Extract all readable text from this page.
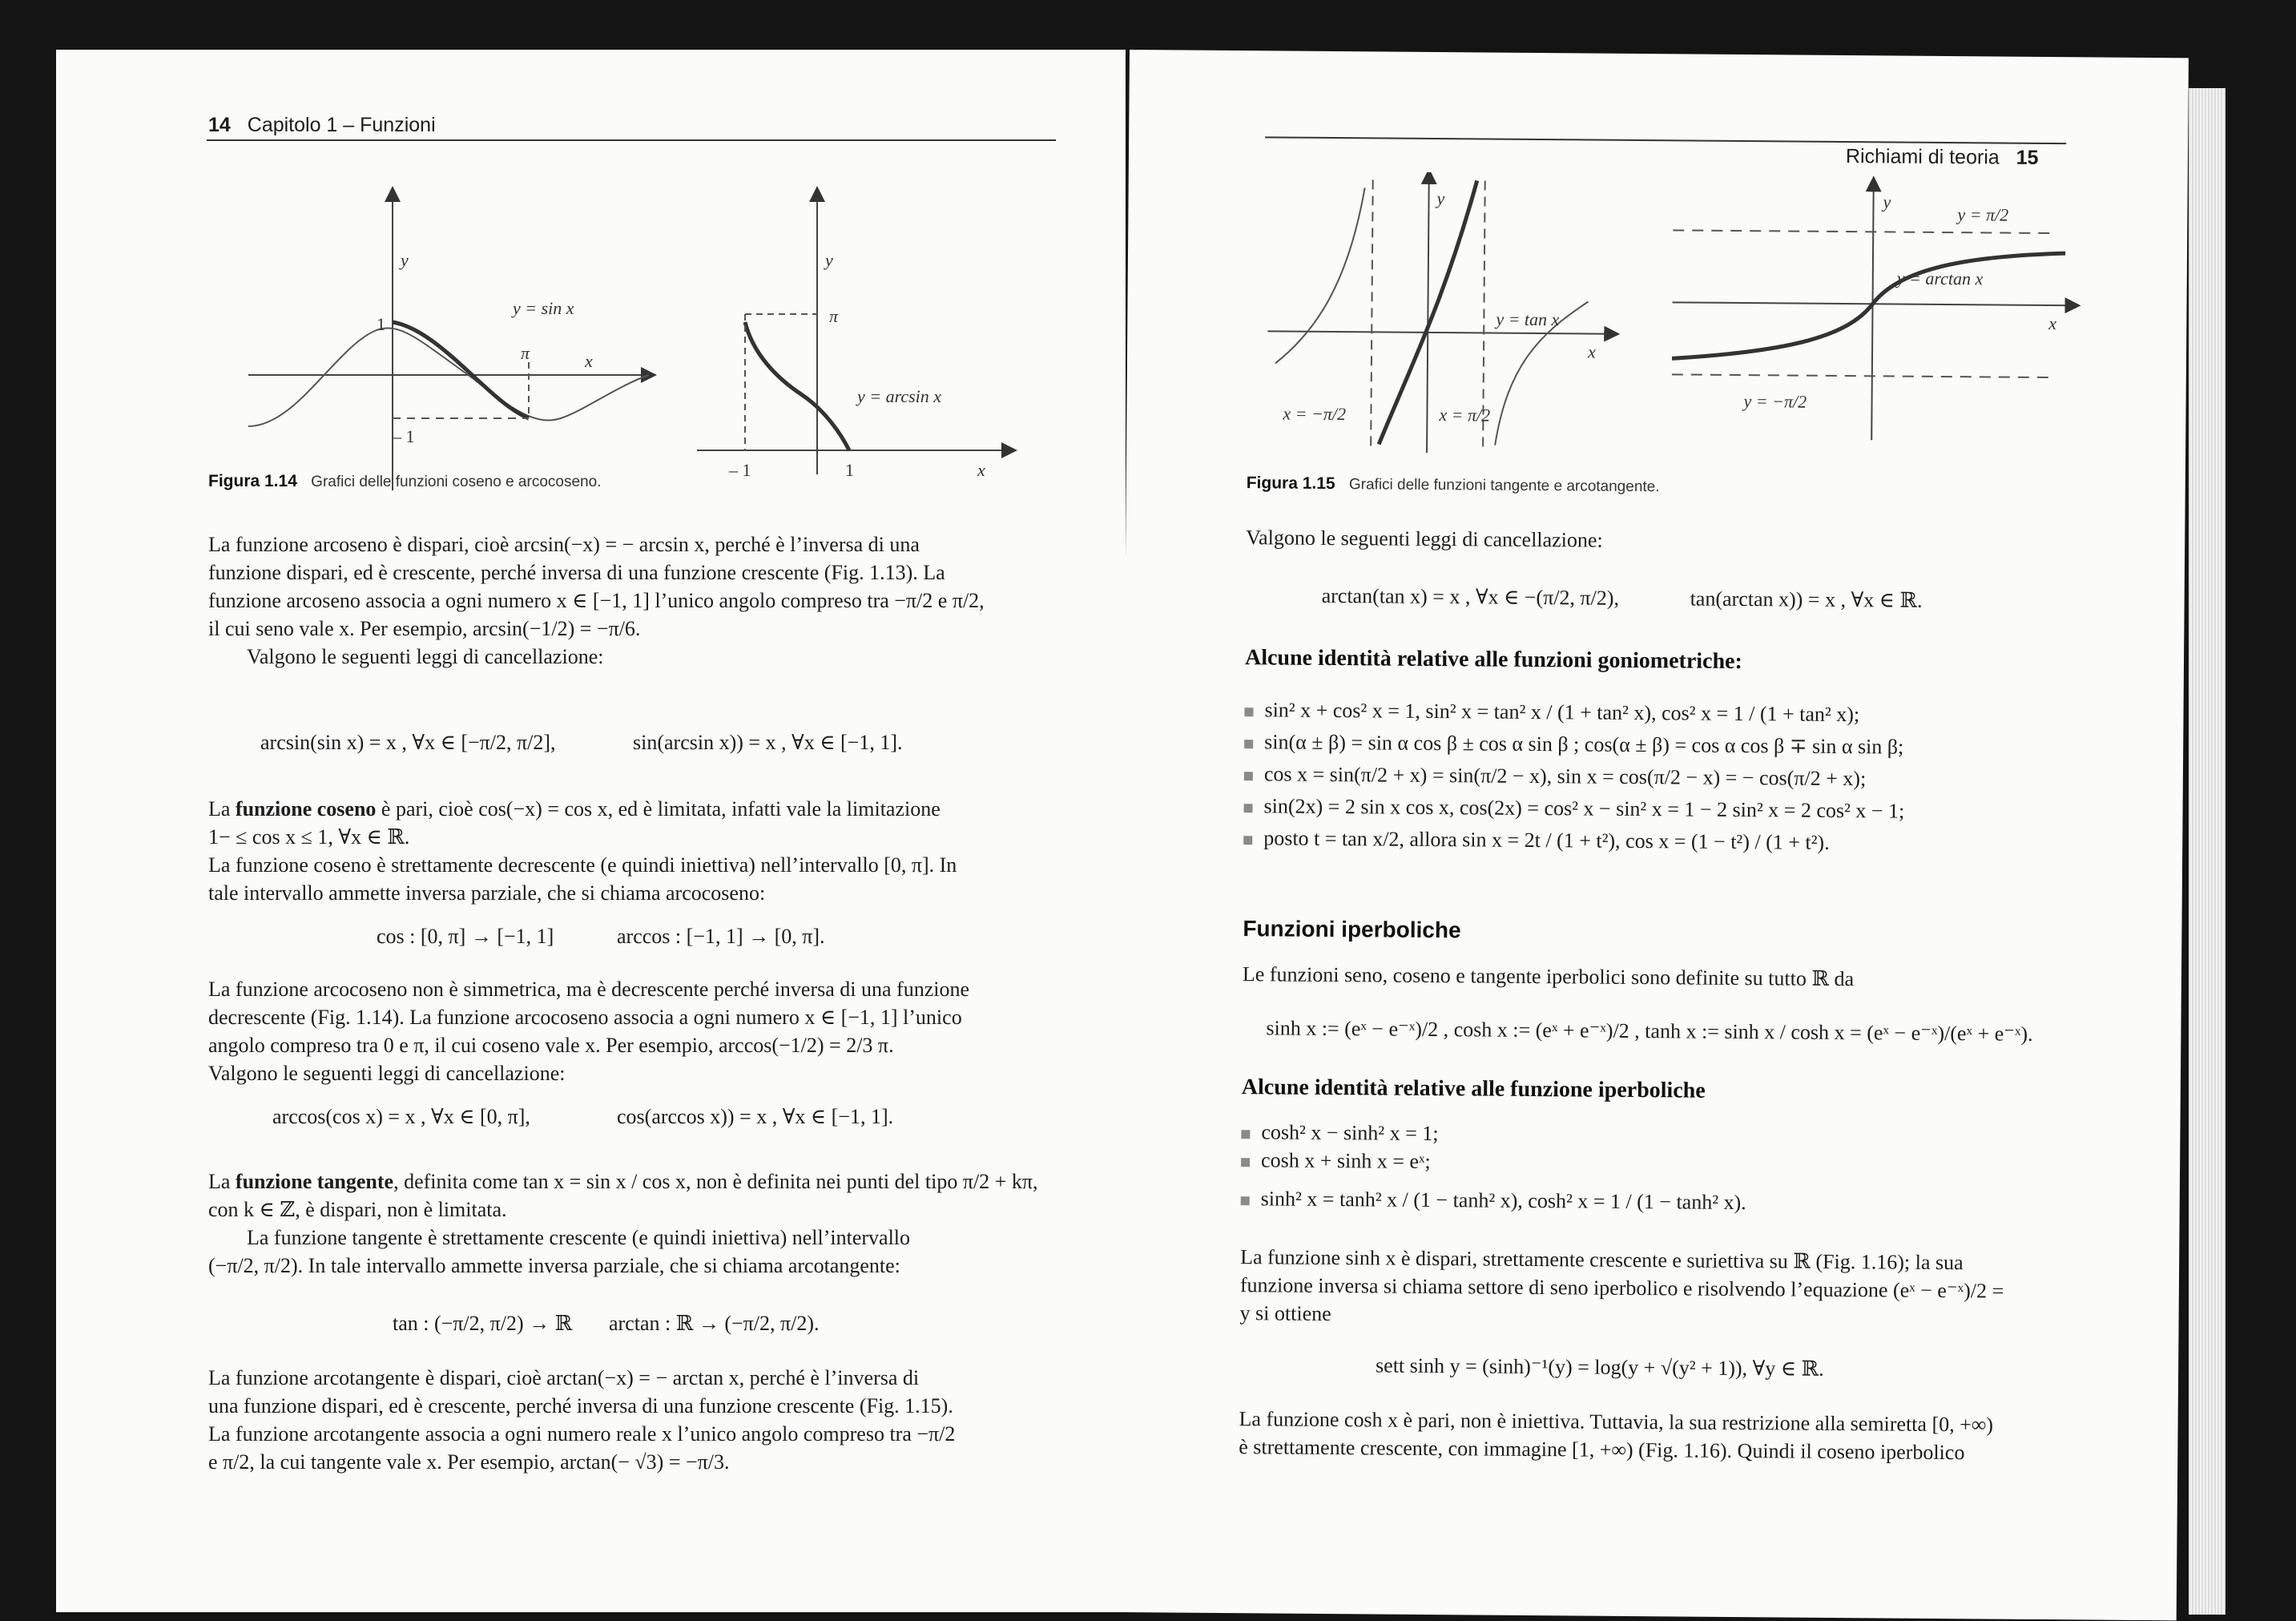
14 Capitolo 1 – Funzioni
y
1
– 1
π	x
y = sin x
y
π
y = arcsin x
– 1	1	x
Figura 1.14 Grafici delle funzioni coseno e arcocoseno.
La funzione arcoseno è dispari, cioè arcsin(−x) = − arcsin x, perché è l’inversa di una
funzione dispari, ed è crescente, perché inversa di una funzione crescente (Fig. 1.13). La
funzione arcoseno associa a ogni numero x ∈ [−1, 1] l’unico angolo compreso tra −π/2 e π/2,
il cui seno vale x. Per esempio, arcsin(−1/2) = −π/6.
Valgono le seguenti leggi di cancellazione:
arcsin(sin x) = x , ∀x ∈ [−π/2, π/2],	sin(arcsin x)) = x , ∀x ∈ [−1, 1].
La funzione coseno è pari, cioè cos(−x) = cos x, ed è limitata, infatti vale la limitazione
1− ≤ cos x ≤ 1, ∀x ∈ ℝ.
La funzione coseno è strettamente decrescente (e quindi iniettiva) nell’intervallo [0, π]. In
tale intervallo ammette inversa parziale, che si chiama arcocoseno:
cos : [0, π] → [−1, 1]	arccos : [−1, 1] → [0, π].
La funzione arcocoseno non è simmetrica, ma è decrescente perché inversa di una funzione
decrescente (Fig. 1.14). La funzione arcocoseno associa a ogni numero x ∈ [−1, 1] l’unico
angolo compreso tra 0 e π, il cui coseno vale x. Per esempio, arccos(−1/2) = 2/3 π.
Valgono le seguenti leggi di cancellazione:
arccos(cos x) = x , ∀x ∈ [0, π],	cos(arccos x)) = x , ∀x ∈ [−1, 1].
La funzione tangente, definita come tan x = sin x / cos x, non è definita nei punti del tipo π/2 + kπ,
con k ∈ ℤ, è dispari, non è limitata.
La funzione tangente è strettamente crescente (e quindi iniettiva) nell’intervallo
(−π/2, π/2). In tale intervallo ammette inversa parziale, che si chiama arcotangente:
tan : (−π/2, π/2) → ℝ arctan : ℝ → (−π/2, π/2).
La funzione arcotangente è dispari, cioè arctan(−x) = − arctan x, perché è l’inversa di
una funzione dispari, ed è crescente, perché inversa di una funzione crescente (Fig. 1.15).
La funzione arcotangente associa a ogni numero reale x l’unico angolo compreso tra −π/2
e π/2, la cui tangente vale x. Per esempio, arctan(− √3) = −π/3.
Richiami di teoria 15
y
x
y = tan x
x = −π/2	x = π/2
y
x
y = arctan x
y = π/2
y = −π/2
Figura 1.15 Grafici delle funzioni tangente e arcotangente.
Valgono le seguenti leggi di cancellazione:
arctan(tan x) = x , ∀x ∈ −(π/2, π/2),	tan(arctan x)) = x , ∀x ∈ ℝ.
Alcune identità relative alle funzioni goniometriche:
sin² x + cos² x = 1, sin² x = tan² x / (1 + tan² x), cos² x = 1 / (1 + tan² x);
sin(α ± β) = sin α cos β ± cos α sin β ; cos(α ± β) = cos α cos β ∓ sin α sin β;
cos x = sin(π/2 + x) = sin(π/2 − x), sin x = cos(π/2 − x) = − cos(π/2 + x);
sin(2x) = 2 sin x cos x, cos(2x) = cos² x − sin² x = 1 − 2 sin² x = 2 cos² x − 1;
posto t = tan x/2, allora sin x = 2t / (1 + t²), cos x = (1 − t²) / (1 + t²).
Funzioni iperboliche
Le funzioni seno, coseno e tangente iperbolici sono definite su tutto ℝ da
sinh x := (eˣ − e⁻ˣ)/2 , cosh x := (eˣ + e⁻ˣ)/2 , tanh x := sinh x / cosh x = (eˣ − e⁻ˣ)/(eˣ + e⁻ˣ).
Alcune identità relative alle funzione iperboliche
cosh² x − sinh² x = 1;
cosh x + sinh x = eˣ;
sinh² x = tanh² x / (1 − tanh² x), cosh² x = 1 / (1 − tanh² x).
La funzione sinh x è dispari, strettamente crescente e suriettiva su ℝ (Fig. 1.16); la sua
funzione inversa si chiama settore di seno iperbolico e risolvendo l’equazione (eˣ − e⁻ˣ)/2 =
y si ottiene
sett sinh y = (sinh)⁻¹(y) = log(y + √(y² + 1)), ∀y ∈ ℝ.
La funzione cosh x è pari, non è iniettiva. Tuttavia, la sua restrizione alla semiretta [0, +∞)
è strettamente crescente, con immagine [1, +∞) (Fig. 1.16). Quindi il coseno iperbolico
